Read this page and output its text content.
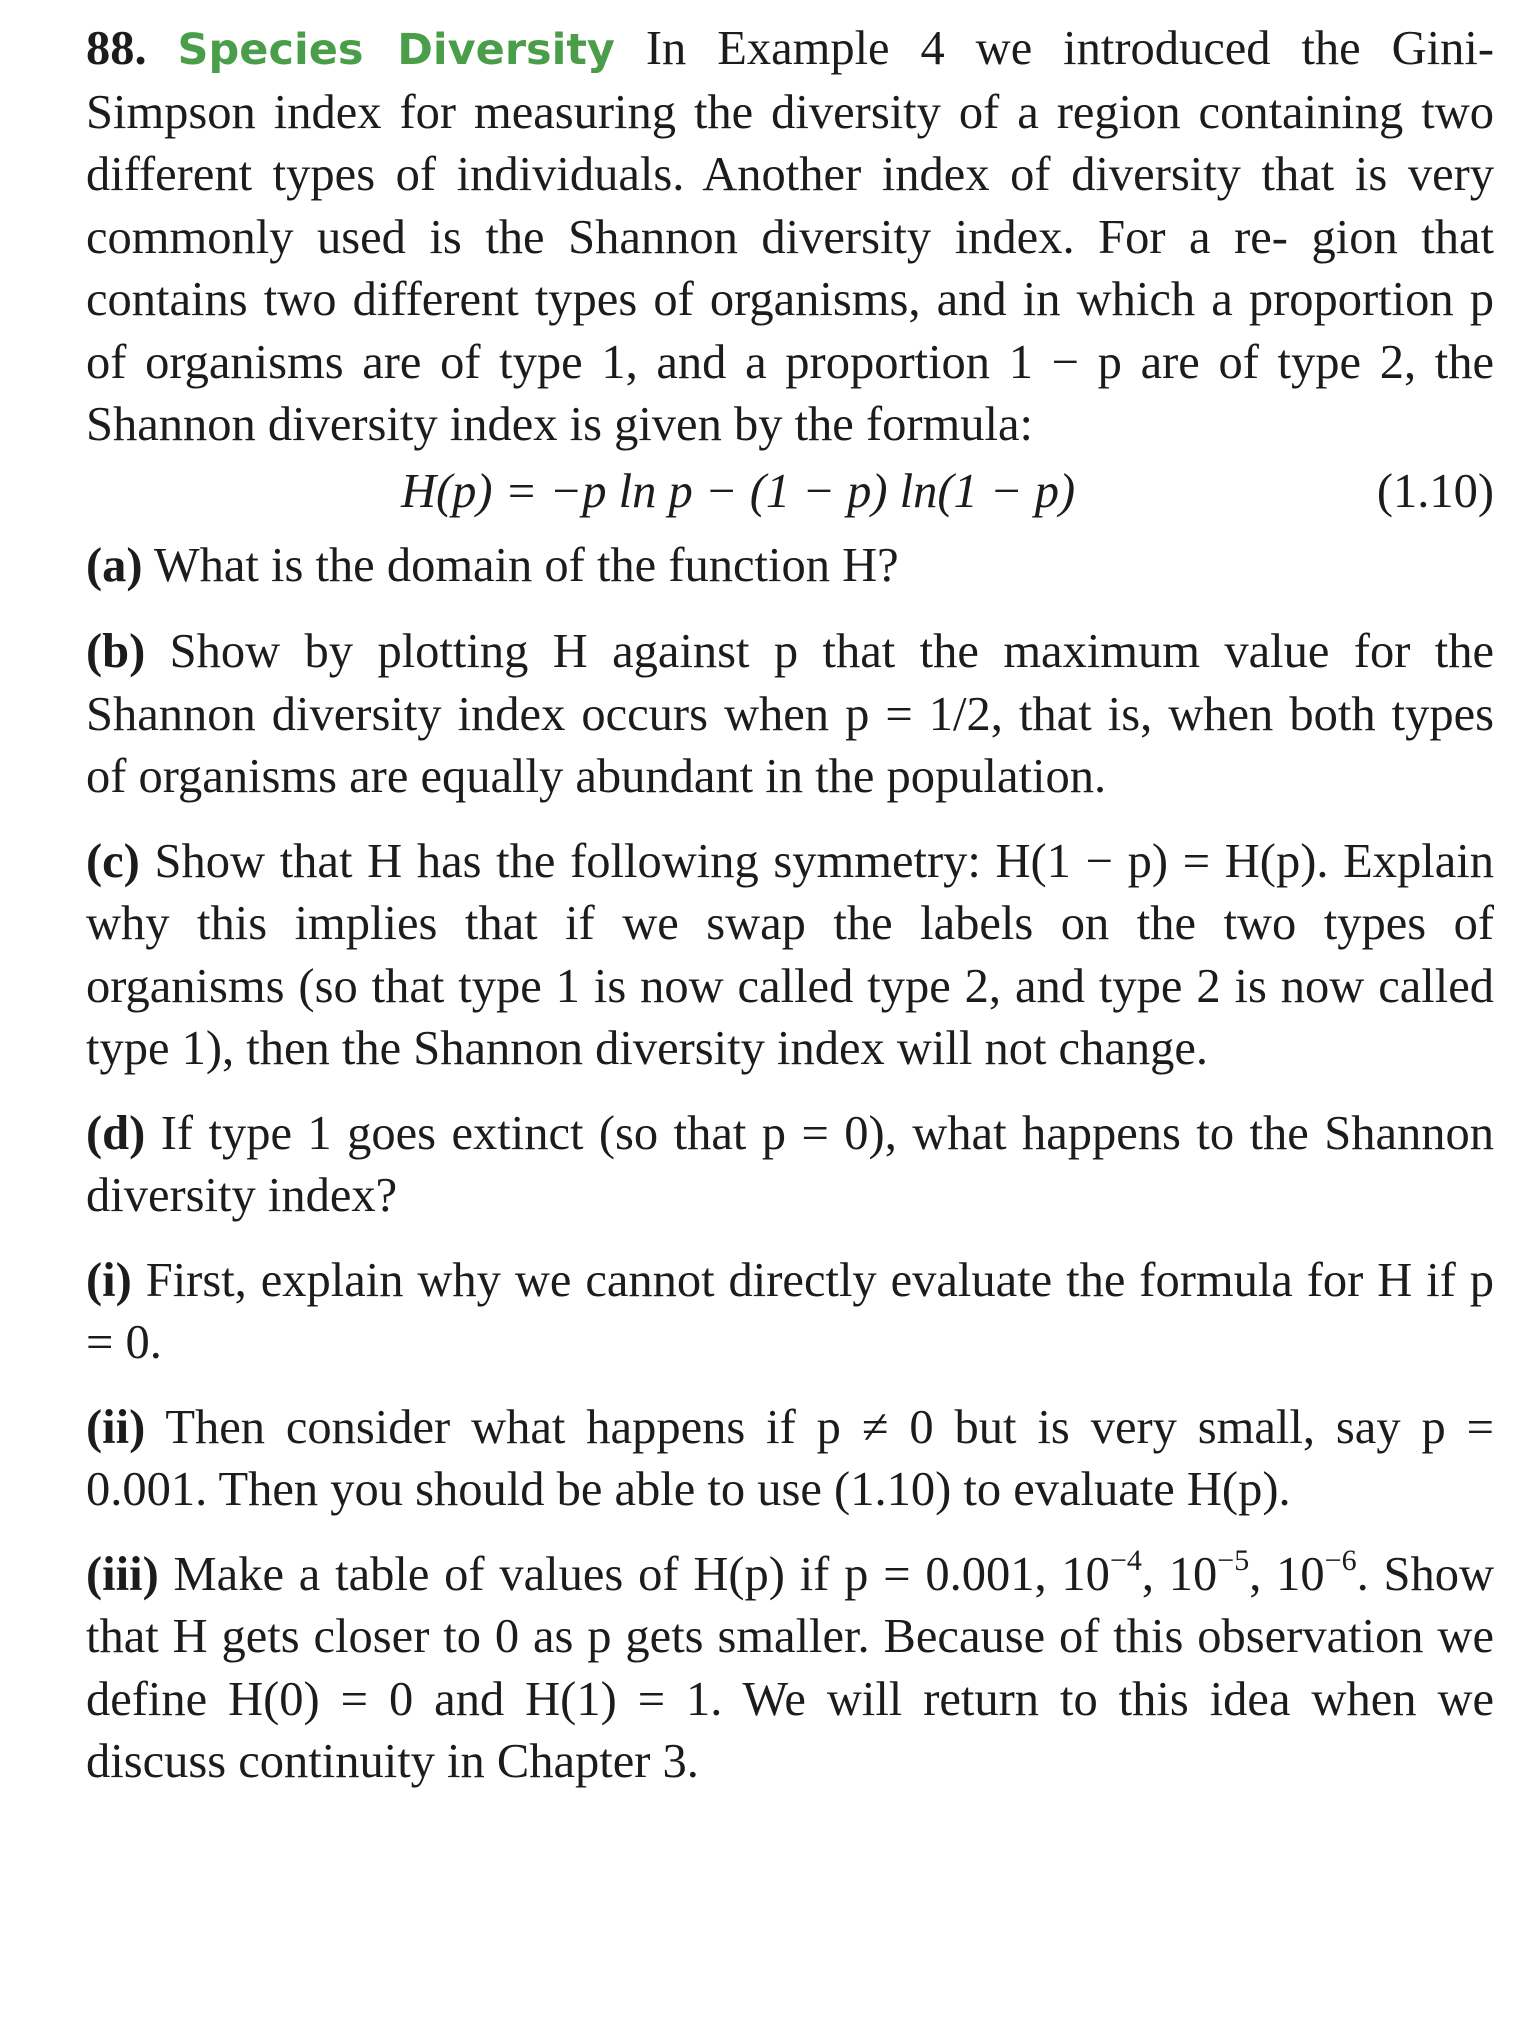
88. Species Diversity In Example 4 we introduced the Gini- Simpson index for measuring the diversity of a region containing two different types of individuals. Another index of diversity that is very commonly used is the Shannon diversity index. For a re- gion that contains two different types of organisms, and in which a proportion p of organisms are of type 1, and a proportion 1 − p are of type 2, the Shannon diversity index is given by the formula:

H(p) = −p ln p − (1 − p) ln(1 − p)	(1.10)

(a) What is the domain of the function H?

(b) Show by plotting H against p that the maximum value for the Shannon diversity index occurs when p = 1/2, that is, when both types of organisms are equally abundant in the population.

(c) Show that H has the following symmetry: H(1 − p) = H(p). Explain why this implies that if we swap the labels on the two types of organisms (so that type 1 is now called type 2, and type 2 is now called type 1), then the Shannon diversity index will not change.

(d) If type 1 goes extinct (so that p = 0), what happens to the Shannon diversity index?

(i) First, explain why we cannot directly evaluate the formula for H if p = 0.

(ii) Then consider what happens if p ≠ 0 but is very small, say p = 0.001. Then you should be able to use (1.10) to evaluate H(p).

(iii) Make a table of values of H(p) if p = 0.001, $10^{-4}$, $10^{-5}$, $10^{-6}$. Show that H gets closer to 0 as p gets smaller. Because of this observation we define H(0) = 0 and H(1) = 1. We will return to this idea when we discuss continuity in Chapter 3.
